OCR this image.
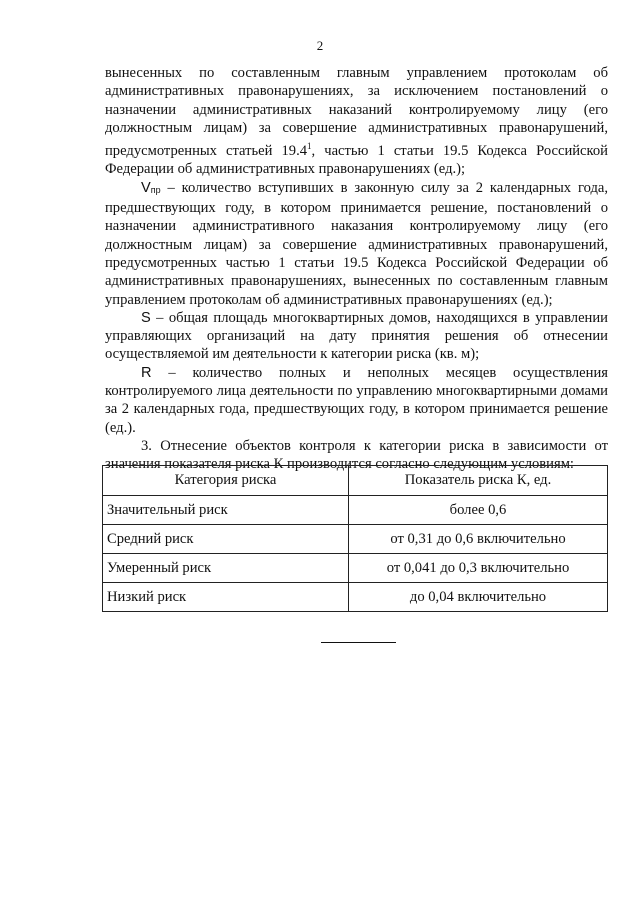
2

вынесенных по составленным главным управлением протоколам об административных правонарушениях, за исключением постановлений о назначении административных наказаний контролируемому лицу (его должностным лицам) за совершение административных правонарушений, предусмотренных статьей 19.4$^1$, частью 1 статьи 19.5 Кодекса Российской Федерации об административных правонарушениях (ед.);

Vпр – количество вступивших в законную силу за 2 календарных года, предшествующих году, в котором принимается решение, постановлений о назначении административного наказания контролируемому лицу (его должностным лицам) за совершение административных правонарушений, предусмотренных частью 1 статьи 19.5 Кодекса Российской Федерации об административных правонарушениях, вынесенных по составленным главным управлением протоколам об административных правонарушениях (ед.);

S – общая площадь многоквартирных домов, находящихся в управлении управляющих организаций на дату принятия решения об отнесении осуществляемой им деятельности к категории риска (кв. м);

R – количество полных и неполных месяцев осуществления контролируемого лица деятельности по управлению многоквартирными домами за 2 календарных года, предшествующих году, в котором принимается решение (ед.).

3. Отнесение объектов контроля к категории риска в зависимости от значения показателя риска К производится согласно следующим условиям:

Категория риска	Показатель риска К, ед.
Значительный риск	более 0,6
Средний риск	от 0,31 до 0,6 включительно
Умеренный риск	от 0,041 до 0,3 включительно
Низкий риск	до 0,04 включительно
